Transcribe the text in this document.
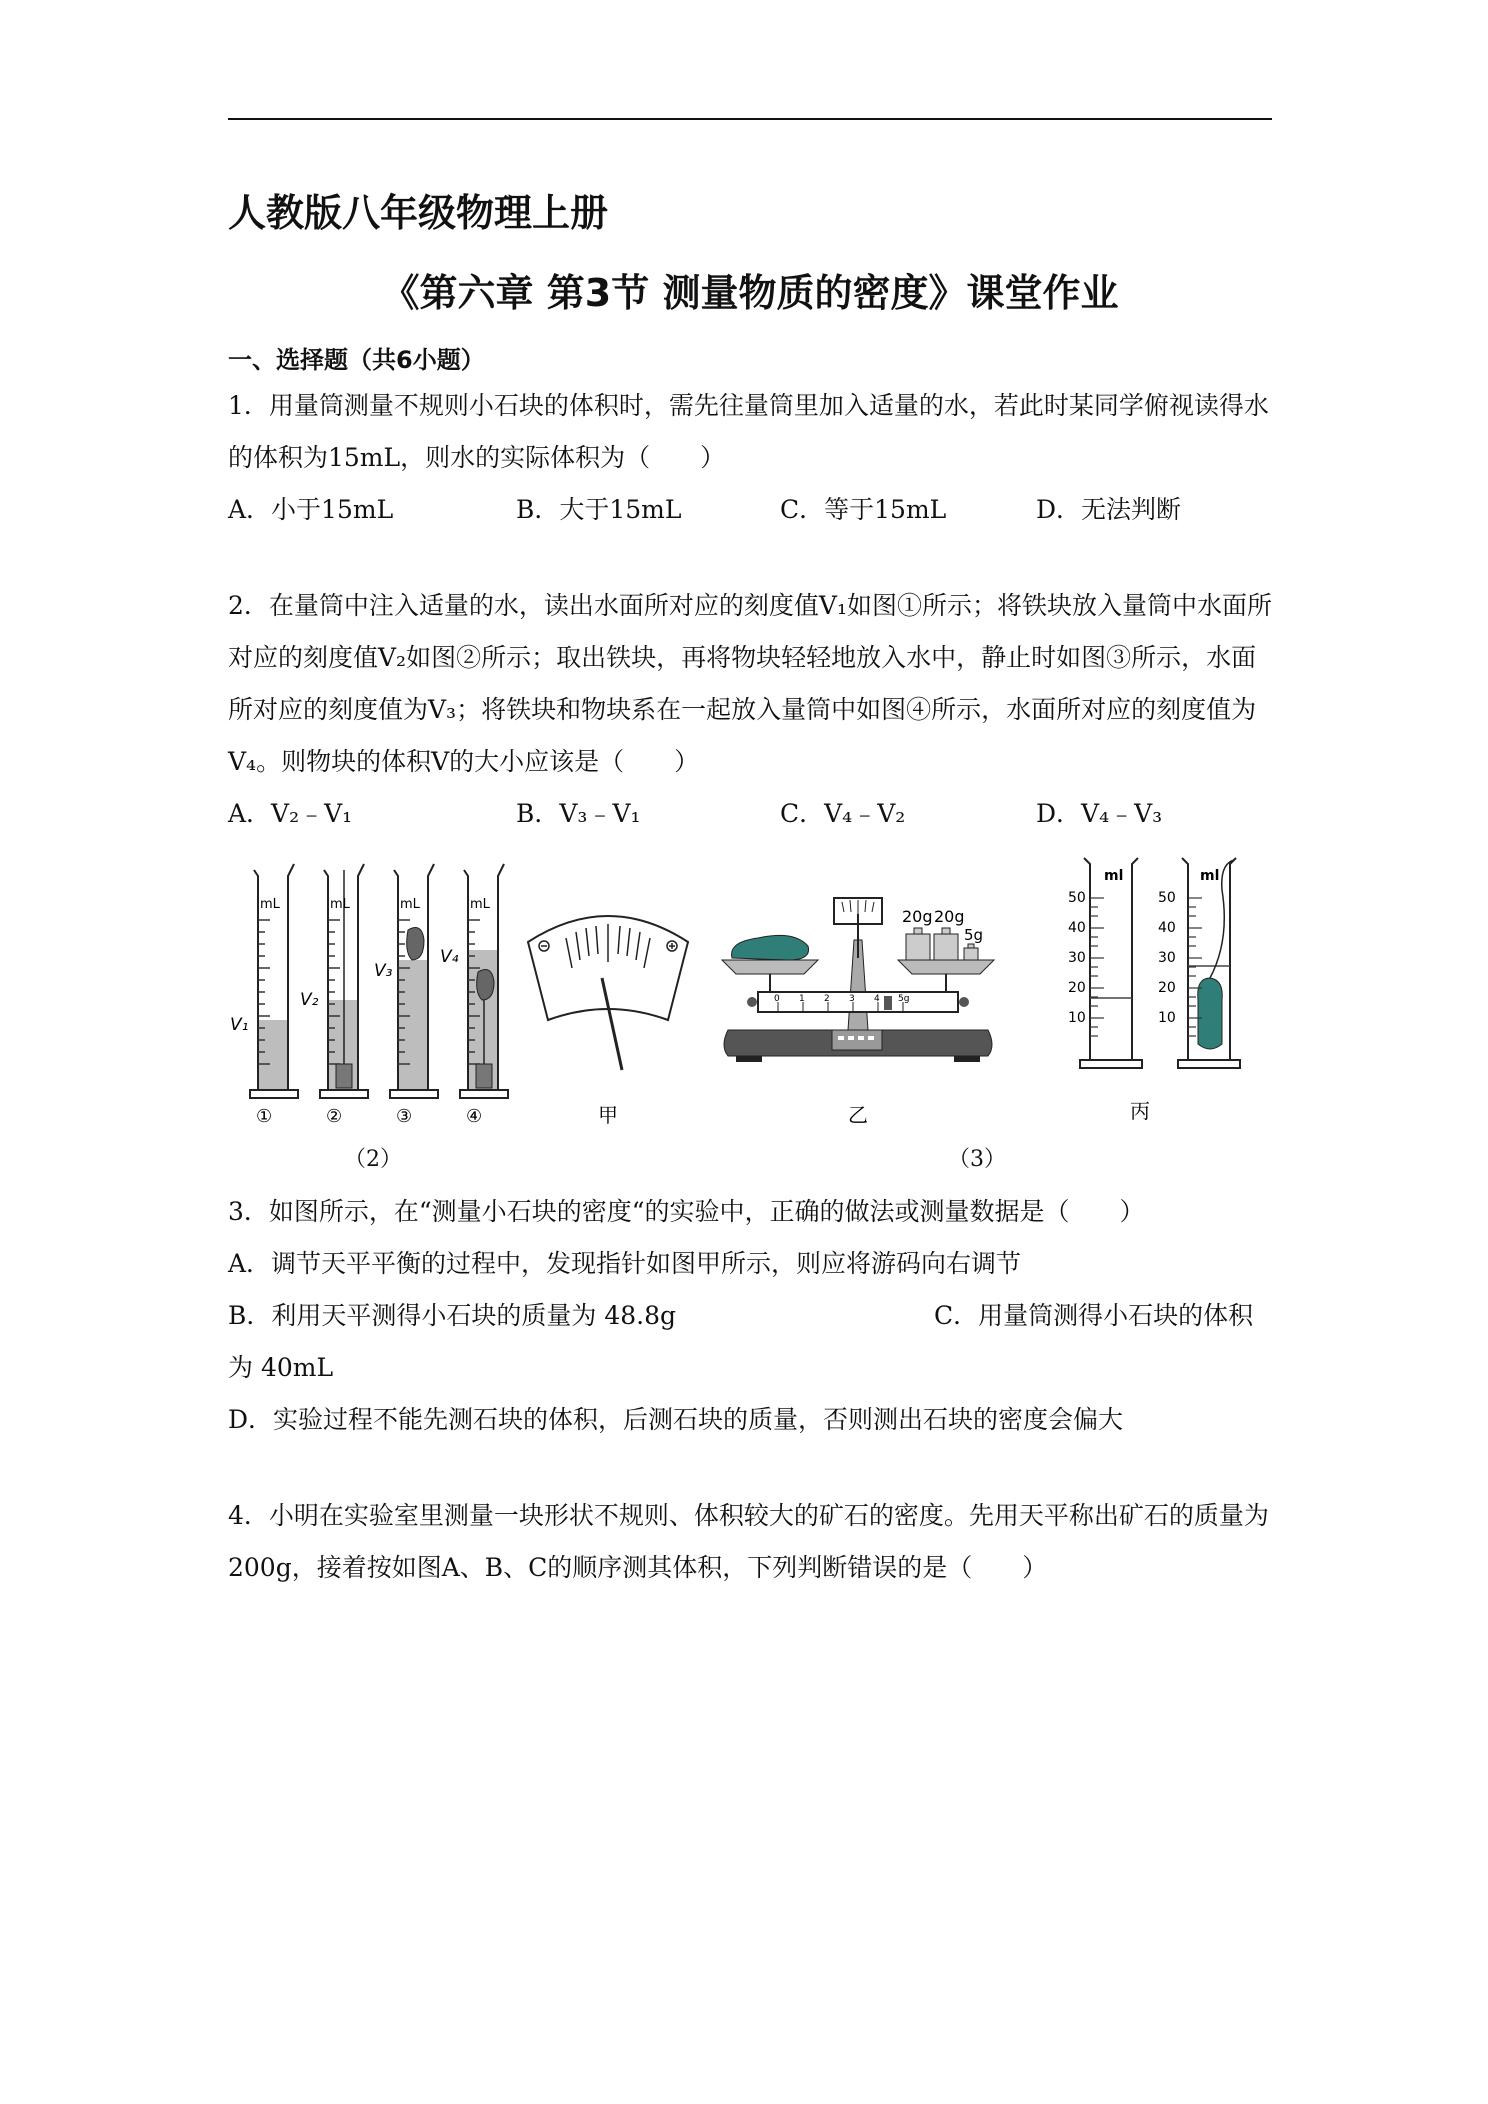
人教版八年级物理上册
《第六章 第3节 测量物质的密度》课堂作业
一、选择题（共6小题）
1．用量筒测量不规则小石块的体积时，需先往量筒里加入适量的水，若此时某同学俯视读得水的体积为15mL，则水的实际体积为（　　）
A．小于15mL	B．大于15mL	C．等于15mL	D．无法判断
2．在量筒中注入适量的水，读出水面所对应的刻度值V₁如图①所示；将铁块放入量筒中水面所对应的刻度值V₂如图②所示；取出铁块，再将物块轻轻地放入水中，静止时如图③所示，水面所对应的刻度值为V₃；将铁块和物块系在一起放入量筒中如图④所示，水面所对应的刻度值为V₄。则物块的体积V的大小应该是（　　）
A．V₂﹣V₁	B．V₃﹣V₁	C．V₄﹣V₂	D．V₄﹣V₃
mL
V₁
①
mL
V₂
②
mL
V₃
③
mL
V₄
④	甲
0 1 2 3 4 5g
20g 20g
5g
乙
ml
50
40
30
20
10
ml
50
40
30
20
10
丙
（2）	（3）
3．如图所示，在“测量小石块的密度“的实验中，正确的做法或测量数据是（　　）
A．调节天平平衡的过程中，发现指针如图甲所示，则应将游码向右调节
B．利用天平测得小石块的质量为 48.8g	C．用量筒测得小石块的体积
为 40mL
D．实验过程不能先测石块的体积，后测石块的质量，否则测出石块的密度会偏大
4．小明在实验室里测量一块形状不规则、体积较大的矿石的密度。先用天平称出矿石的质量为200g，接着按如图A、B、C的顺序测其体积，下列判断错误的是（　　）
